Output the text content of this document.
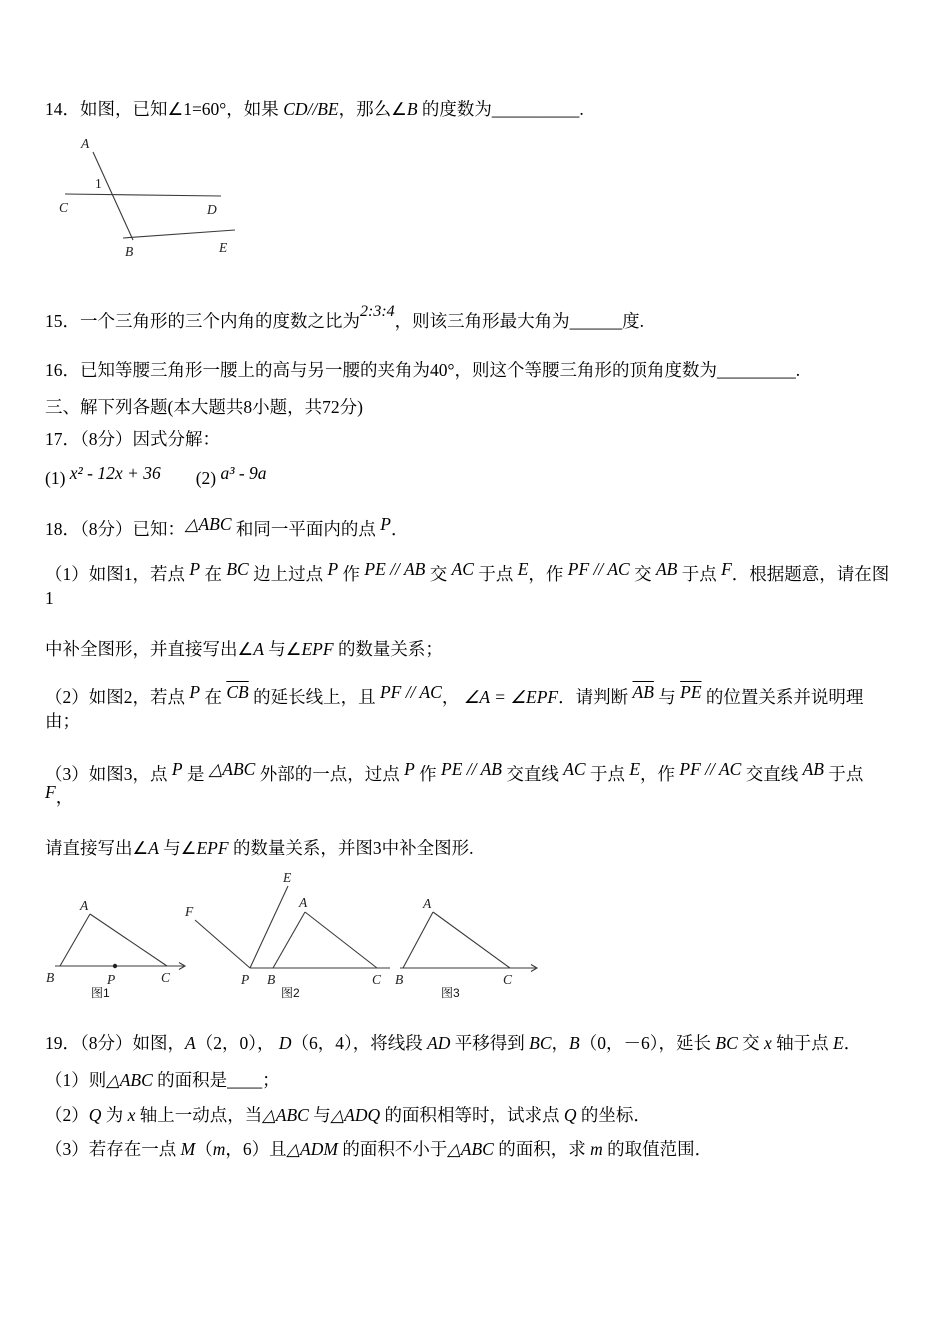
14．如图，已知∠1=60°，如果 CD//BE，那么∠B 的度数为__________.

A
1
C	D
B	E

15．一个三角形的三个内角的度数之比为2:3:4，则该三角形最大角为______度.

16．已知等腰三角形一腰上的高与另一腰的夹角为40°，则这个等腰三角形的顶角度数为_________.

三、解下列各题(本大题共8小题，共72分)

17．（8分）因式分解：

(1) x² - 12x + 36        (2) a³ - 9a

18．（8分）已知：△ABC 和同一平面内的点 P．

（1）如图1，若点 P 在 BC 边上过点 P 作 PE // AB 交 AC 于点 E，作 PF // AC 交 AB 于点 F．根据题意，请在图1

中补全图形，并直接写出∠A 与∠EPF 的数量关系；

（2）如图2，若点 P 在 $\overline{CB}$ 的延长线上，且 PF // AC， ∠A = ∠EPF．请判断 $\overline{AB}$ 与 $\overline{PE}$ 的位置关系并说明理由；

（3）如图3，点 P 是 △ABC 外部的一点，过点 P 作 PE // AB 交直线 AC 于点 E，作 PF // AC 交直线 AB 于点 F，

请直接写出∠A 与∠EPF 的数量关系，并图3中补全图形.

A
B	P	C
图1
F
E
A
P B	C
图2
A
B	C
图3

19．（8分）如图，A（2，0）， D（6，4），将线段 AD 平移得到 BC，B（0，－6），延长 BC 交 x 轴于点 E．

（1）则△ABC 的面积是____；

（2）Q 为 x 轴上一动点，当△ABC 与△ADQ 的面积相等时，试求点 Q 的坐标．

（3）若存在一点 M（m，6）且△ADM 的面积不小于△ABC 的面积，求 m 的取值范围．
